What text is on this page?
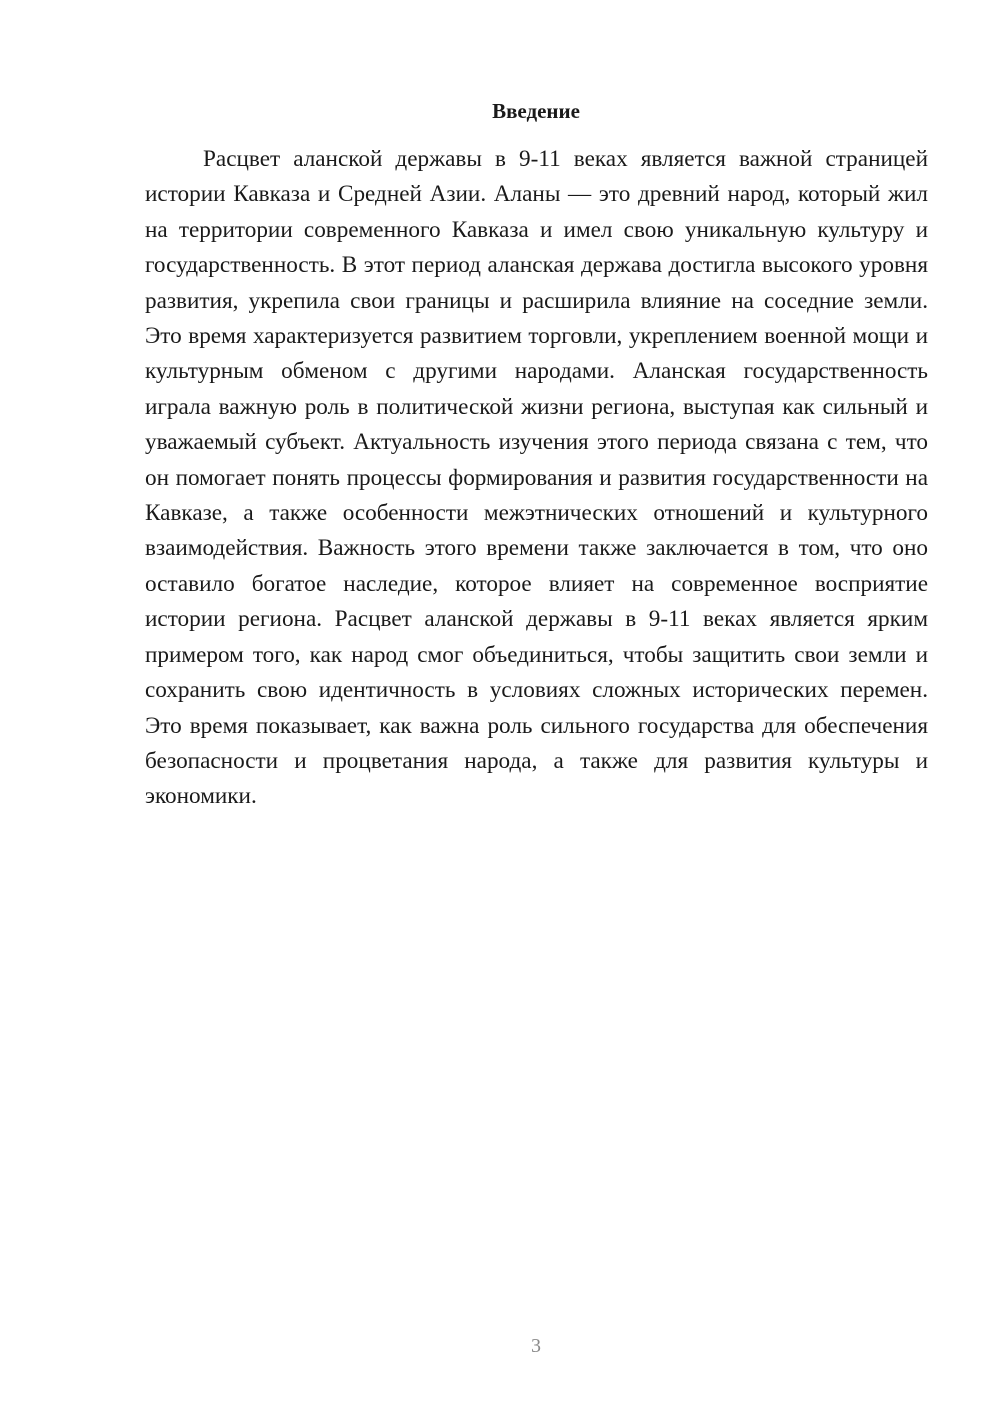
Введение

Расцвет аланской державы в 9-11 веках является важной страницей истории Кавказа и Средней Азии. Аланы — это древний народ, который жил на территории современного Кавказа и имел свою уникальную культуру и государственность. В этот период аланская держава достигла высокого уровня развития, укрепила свои границы и расширила влияние на соседние земли. Это время характеризуется развитием торговли, укреплением военной мощи и культурным обменом с другими народами. Аланская государственность играла важную роль в политической жизни региона, выступая как сильный и уважаемый субъект. Актуальность изучения этого периода связана с тем, что он помогает понять процессы формирования и развития государственности на Кавказе, а также особенности межэтнических отношений и культурного взаимодействия. Важность этого времени также заключается в том, что оно оставило богатое наследие, которое влияет на современное восприятие истории региона. Расцвет аланской державы в 9-11 веках является ярким примером того, как народ смог объединиться, чтобы защитить свои земли и сохранить свою идентичность в условиях сложных исторических перемен. Это время показывает, как важна роль сильного государства для обеспечения безопасности и процветания народа, а также для развития культуры и экономики.

3
